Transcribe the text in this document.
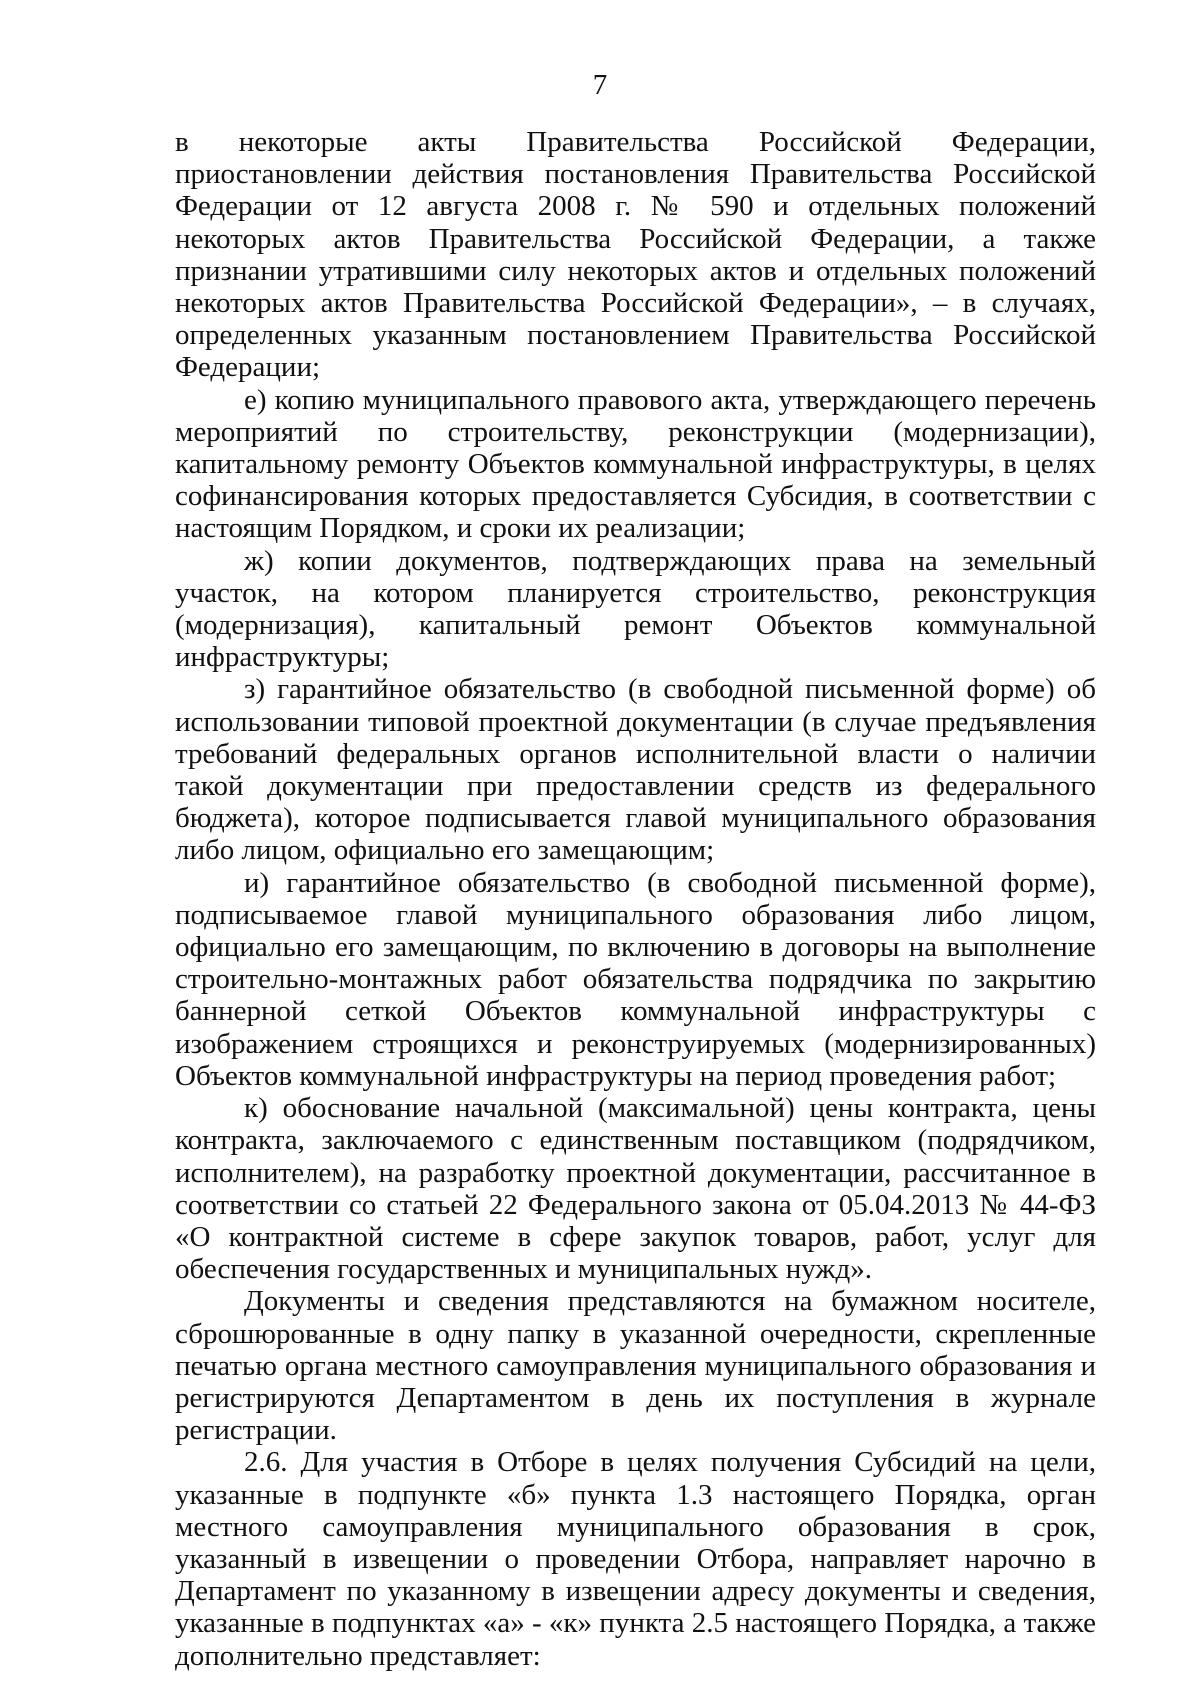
7

в некоторые акты Правительства Российской Федерации, приостановлении действия постановления Правительства Российской Федерации от 12 августа 2008 г. № 590 и отдельных положений некоторых актов Правительства Российской Федерации, а также признании утратившими силу некоторых актов и отдельных положений некоторых актов Правительства Российской Федерации», – в случаях, определенных указанным постановлением Правительства Российской Федерации;

е) копию муниципального правового акта, утверждающего перечень мероприятий по строительству, реконструкции (модернизации), капитальному ремонту Объектов коммунальной инфраструктуры, в целях софинансирования которых предоставляется Субсидия, в соответствии с настоящим Порядком, и сроки их реализации;

ж) копии документов, подтверждающих права на земельный участок, на котором планируется строительство, реконструкция (модернизация), капитальный ремонт Объектов коммунальной инфраструктуры;

з) гарантийное обязательство (в свободной письменной форме) об использовании типовой проектной документации (в случае предъявления требований федеральных органов исполнительной власти о наличии такой документации при предоставлении средств из федерального бюджета), которое подписывается главой муниципального образования либо лицом, официально его замещающим;

и) гарантийное обязательство (в свободной письменной форме), подписываемое главой муниципального образования либо лицом, официально его замещающим, по включению в договоры на выполнение строительно-монтажных работ обязательства подрядчика по закрытию баннерной сеткой Объектов коммунальной инфраструктуры с изображением строящихся и реконструируемых (модернизированных) Объектов коммунальной инфраструктуры на период проведения работ;

к) обоснование начальной (максимальной) цены контракта, цены контракта, заключаемого с единственным поставщиком (подрядчиком, исполнителем), на разработку проектной документации, рассчитанное в соответствии со статьей 22 Федерального закона от 05.04.2013 № 44-ФЗ «О контрактной системе в сфере закупок товаров, работ, услуг для обеспечения государственных и муниципальных нужд».

Документы и сведения представляются на бумажном носителе, сброшюрованные в одну папку в указанной очередности, скрепленные печатью органа местного самоуправления муниципального образования и регистрируются Департаментом в день их поступления в журнале регистрации.

2.6. Для участия в Отборе в целях получения Субсидий на цели, указанные в подпункте «б» пункта 1.3 настоящего Порядка, орган местного самоуправления муниципального образования в срок, указанный в извещении о проведении Отбора, направляет нарочно в Департамент по указанному в извещении адресу документы и сведения, указанные в подпунктах «а» - «к» пункта 2.5 настоящего Порядка, а также дополнительно представляет:
